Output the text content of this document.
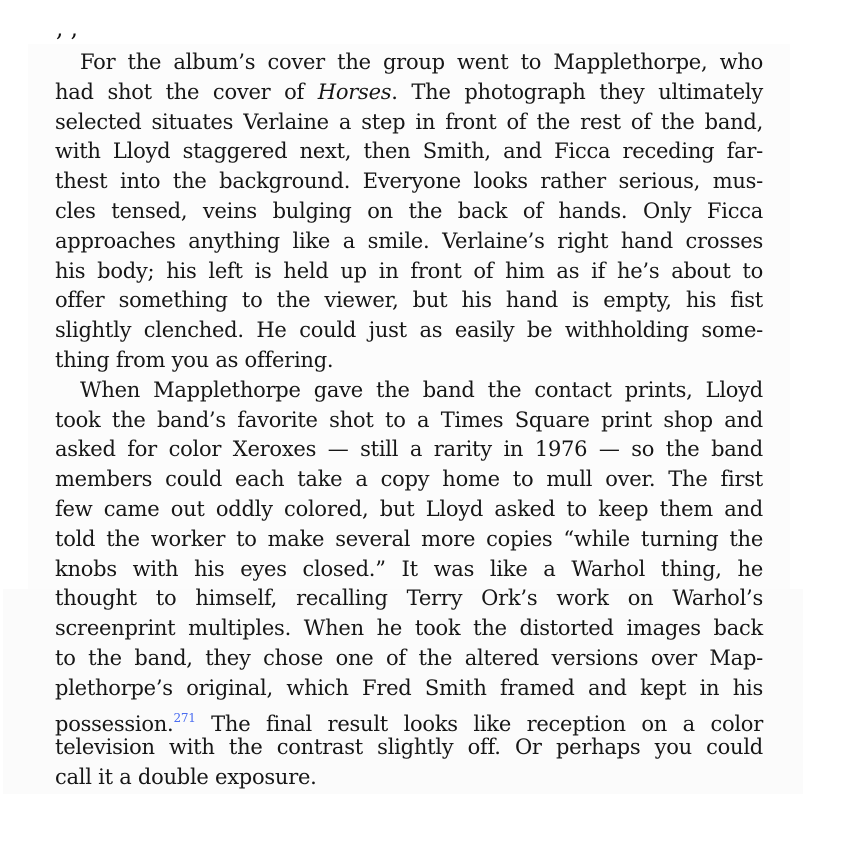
, ,
For the album’s cover the group went to Mapplethorpe, who
had shot the cover of Horses. The photograph they ultimately
selected situates Verlaine a step in front of the rest of the band,
with Lloyd staggered next, then Smith, and Ficca receding far-
thest into the background. Everyone looks rather serious, mus-
cles tensed, veins bulging on the back of hands. Only Ficca
approaches anything like a smile. Verlaine’s right hand crosses
his body; his left is held up in front of him as if he’s about to
offer something to the viewer, but his hand is empty, his fist
slightly clenched. He could just as easily be withholding some-
thing from you as offering.
When Mapplethorpe gave the band the contact prints, Lloyd
took the band’s favorite shot to a Times Square print shop and
asked for color Xeroxes — still a rarity in 1976 — so the band
members could each take a copy home to mull over. The first
few came out oddly colored, but Lloyd asked to keep them and
told the worker to make several more copies “while turning the
knobs with his eyes closed.” It was like a Warhol thing, he
thought to himself, recalling Terry Ork’s work on Warhol’s
screenprint multiples. When he took the distorted images back
to the band, they chose one of the altered versions over Map-
plethorpe’s original, which Fred Smith framed and kept in his
possession.$^{271}$ The final result looks like reception on a color
television with the contrast slightly off. Or perhaps you could
call it a double exposure.
